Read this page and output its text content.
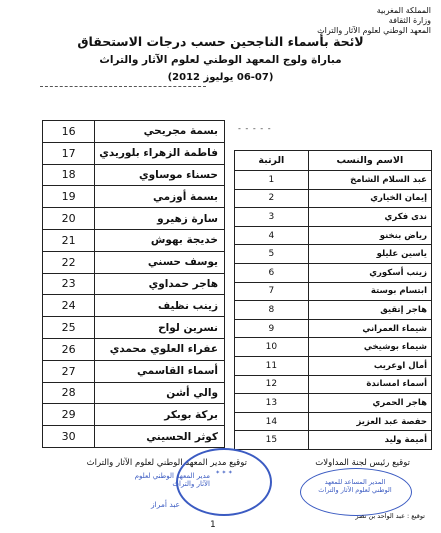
المملكة المغربية
وزارة الثقافة
المعهد الوطني لعلوم الآثار والتراث
لائحة بأسماء الناجحين حسب درجات الاستحقاق
مباراة ولوج المعهد الوطني لعلوم الآثار والتراث
(06-07 يوليوز 2012)
- - - - -
بسمة مجريحي	16
فاطمة الزهراء بلوريدي	17
حسناء موساوي	18
بسمة أوزمي	19
سارة زهيرو	20
خديجة بهوش	21
يوسف حسني	22
هاجر حمداوي	23
زينب نظيف	24
نسرين لواح	25
عفراء العلوي محمدي	26
أسماء القاسمي	27
والي أشن	28
بركة بوبكر	29
كوثر الحسيني	30
الاسم والنسب	الرتبة
عبد السلام الشامخ	1
إيمان الخياري	2
ندى فكري	3
رياض بنخنو	4
ياسين عليلو	5
زينب أسكوري	6
ابتسام بوستة	7
هاجر إتقيق	8
شيماء العمراني	9
شيماء بوشيخي	10
أمال اوعريب	11
أسماء امساندة	12
هاجر الحمري	13
حفصة عبد العزيز	14
أميمة وليد	15
توقيع رئيس لجنة المداولات
توقيع مدير المعهد الوطني لعلوم الآثار والتراث
✶ ✶ ✶
مدير المعهد الوطني لعلوم
الآثار والتراث
عبد أمراز
المدير المساعد للمعهد
الوطني لعلوم الآثار والتراث
توقيع : عبد الواحد بن نصر
1
